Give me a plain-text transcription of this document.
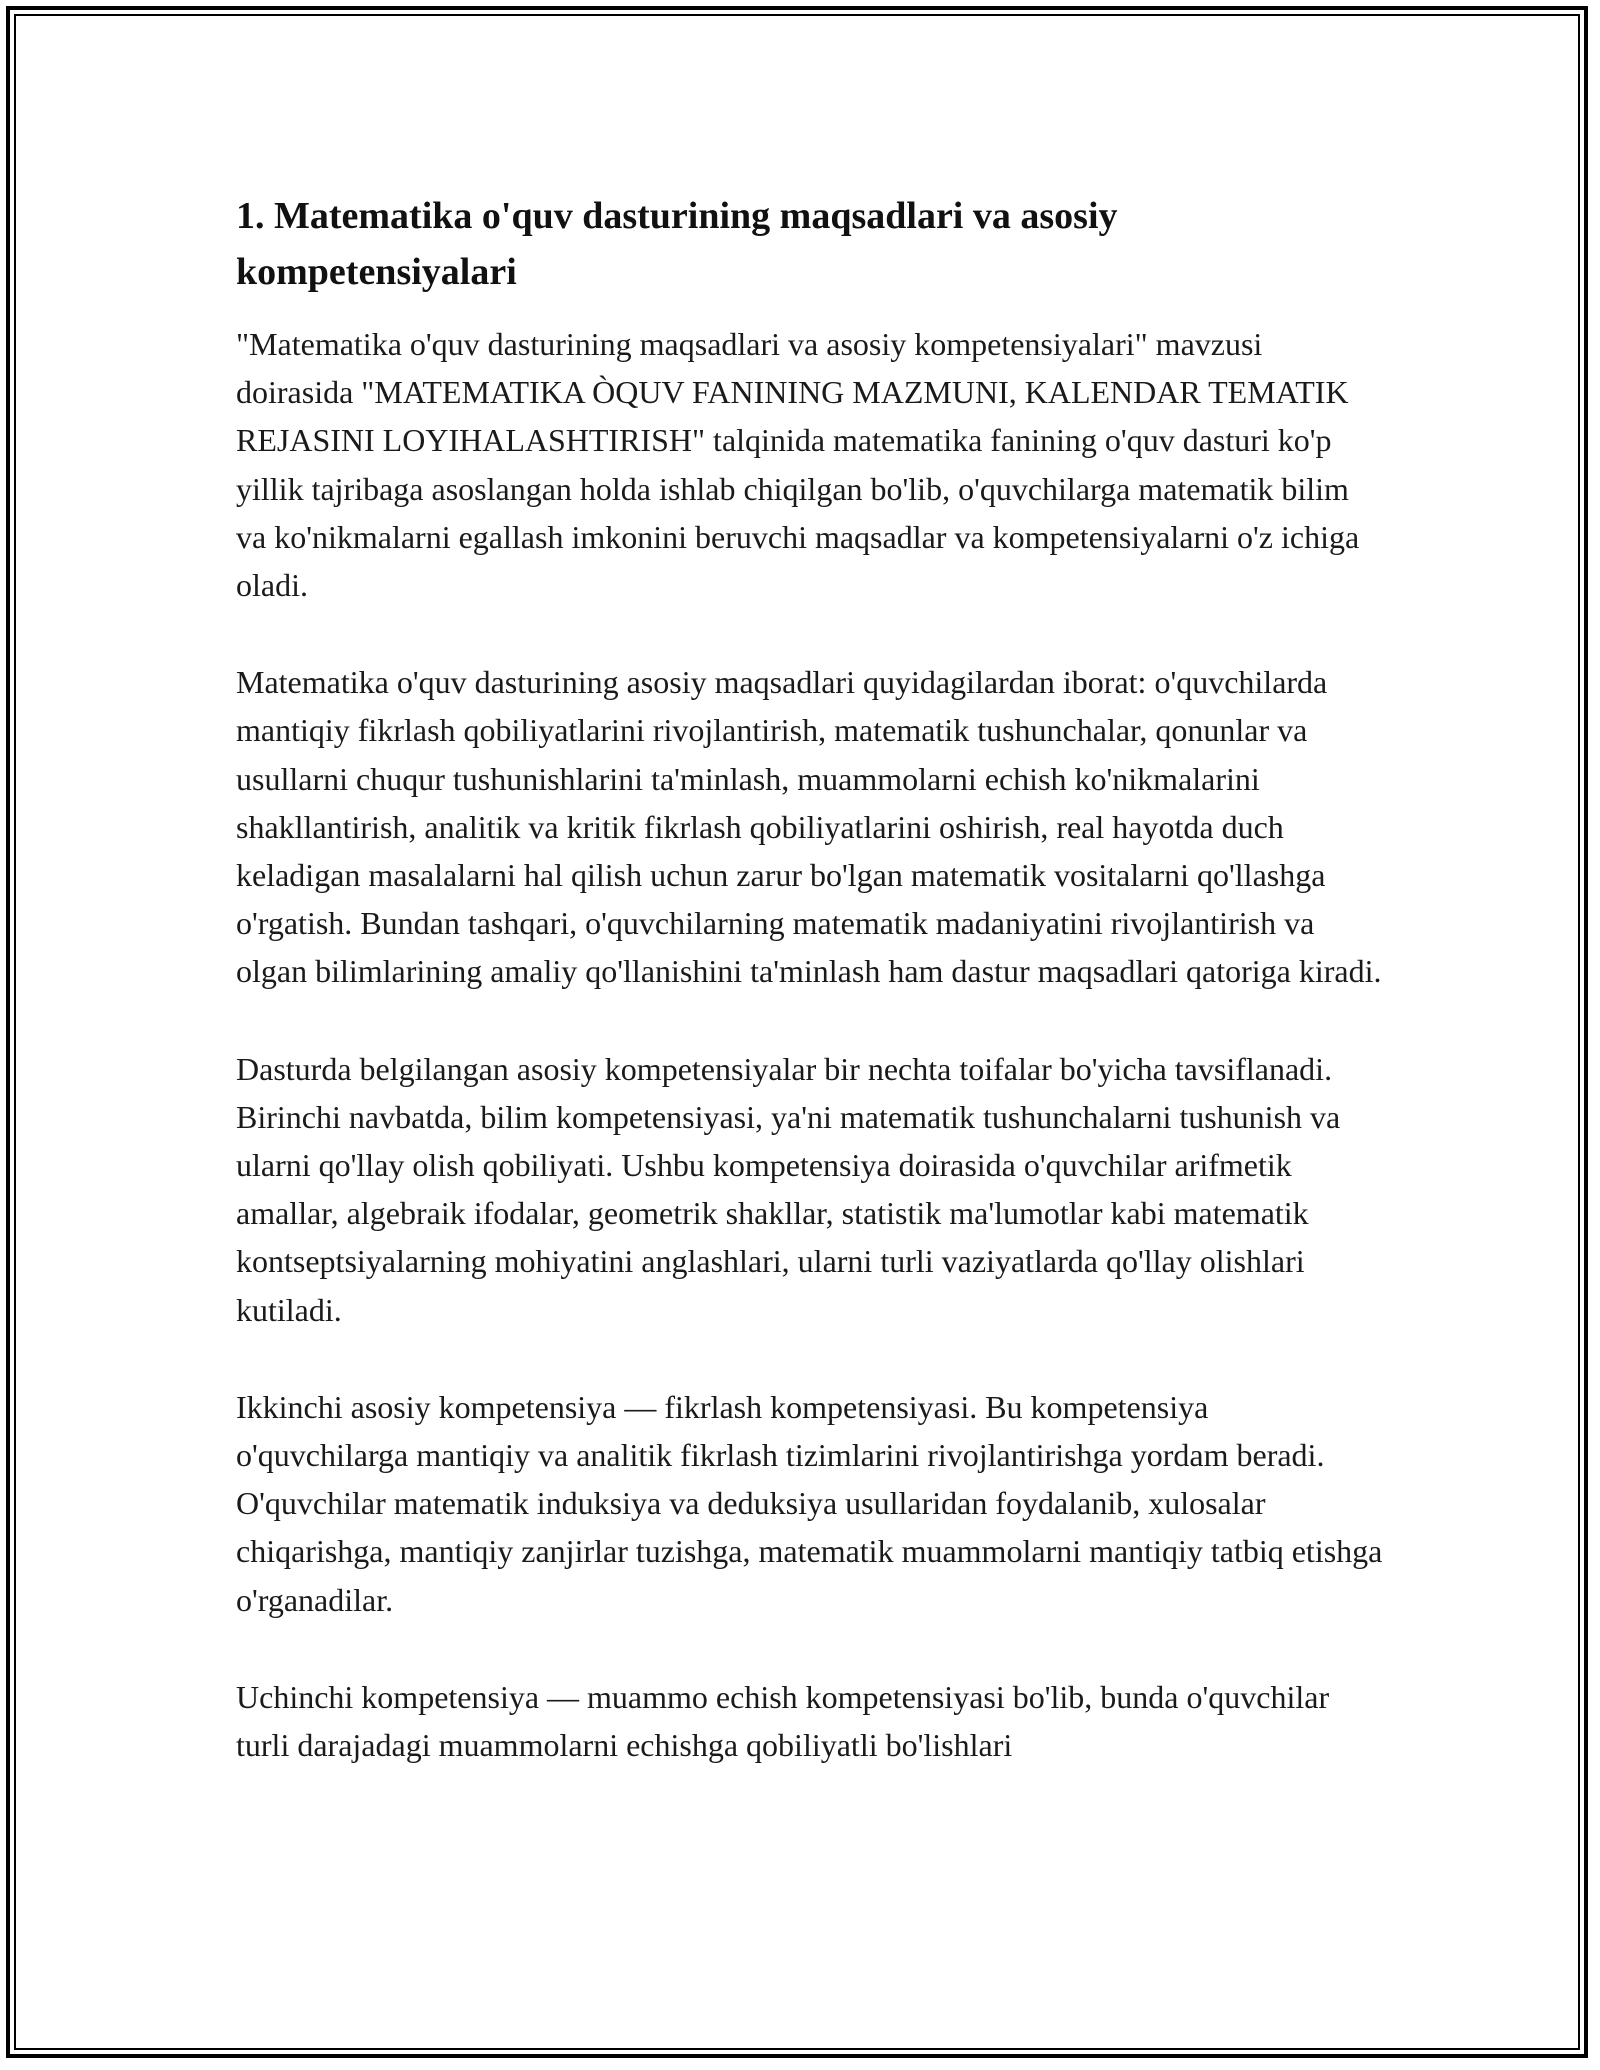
1. Matematika o'quv dasturining maqsadlari va asosiy kompetensiyalari

"Matematika o'quv dasturining maqsadlari va asosiy kompetensiyalari" mavzusi doirasida "MATEMATIKA ÒQUV FANINING MAZMUNI, KALENDAR TEMATIK REJASINI LOYIHALASHTIRISH" talqinida matematika fanining o'quv dasturi ko'p yillik tajribaga asoslangan holda ishlab chiqilgan bo'lib, o'quvchilarga matematik bilim va ko'nikmalarni egallash imkonini beruvchi maqsadlar va kompetensiyalarni o'z ichiga oladi.

Matematika o'quv dasturining asosiy maqsadlari quyidagilardan iborat: o'quvchilarda mantiqiy fikrlash qobiliyatlarini rivojlantirish, matematik tushunchalar, qonunlar va usullarni chuqur tushunishlarini ta'minlash, muammolarni echish ko'nikmalarini shakllantirish, analitik va kritik fikrlash qobiliyatlarini oshirish, real hayotda duch keladigan masalalarni hal qilish uchun zarur bo'lgan matematik vositalarni qo'llashga o'rgatish. Bundan tashqari, o'quvchilarning matematik madaniyatini rivojlantirish va olgan bilimlarining amaliy qo'llanishini ta'minlash ham dastur maqsadlari qatoriga kiradi.

Dasturda belgilangan asosiy kompetensiyalar bir nechta toifalar bo'yicha tavsiflanadi. Birinchi navbatda, bilim kompetensiyasi, ya'ni matematik tushunchalarni tushunish va ularni qo'llay olish qobiliyati. Ushbu kompetensiya doirasida o'quvchilar arifmetik amallar, algebraik ifodalar, geometrik shakllar, statistik ma'lumotlar kabi matematik kontseptsiyalarning mohiyatini anglashlari, ularni turli vaziyatlarda qo'llay olishlari kutiladi.

Ikkinchi asosiy kompetensiya — fikrlash kompetensiyasi. Bu kompetensiya o'quvchilarga mantiqiy va analitik fikrlash tizimlarini rivojlantirishga yordam beradi. O'quvchilar matematik induksiya va deduksiya usullaridan foydalanib, xulosalar chiqarishga, mantiqiy zanjirlar tuzishga, matematik muammolarni mantiqiy tatbiq etishga o'rganadilar.

Uchinchi kompetensiya — muammo echish kompetensiyasi bo'lib, bunda o'quvchilar turli darajadagi muammolarni echishga qobiliyatli bo'lishlari
